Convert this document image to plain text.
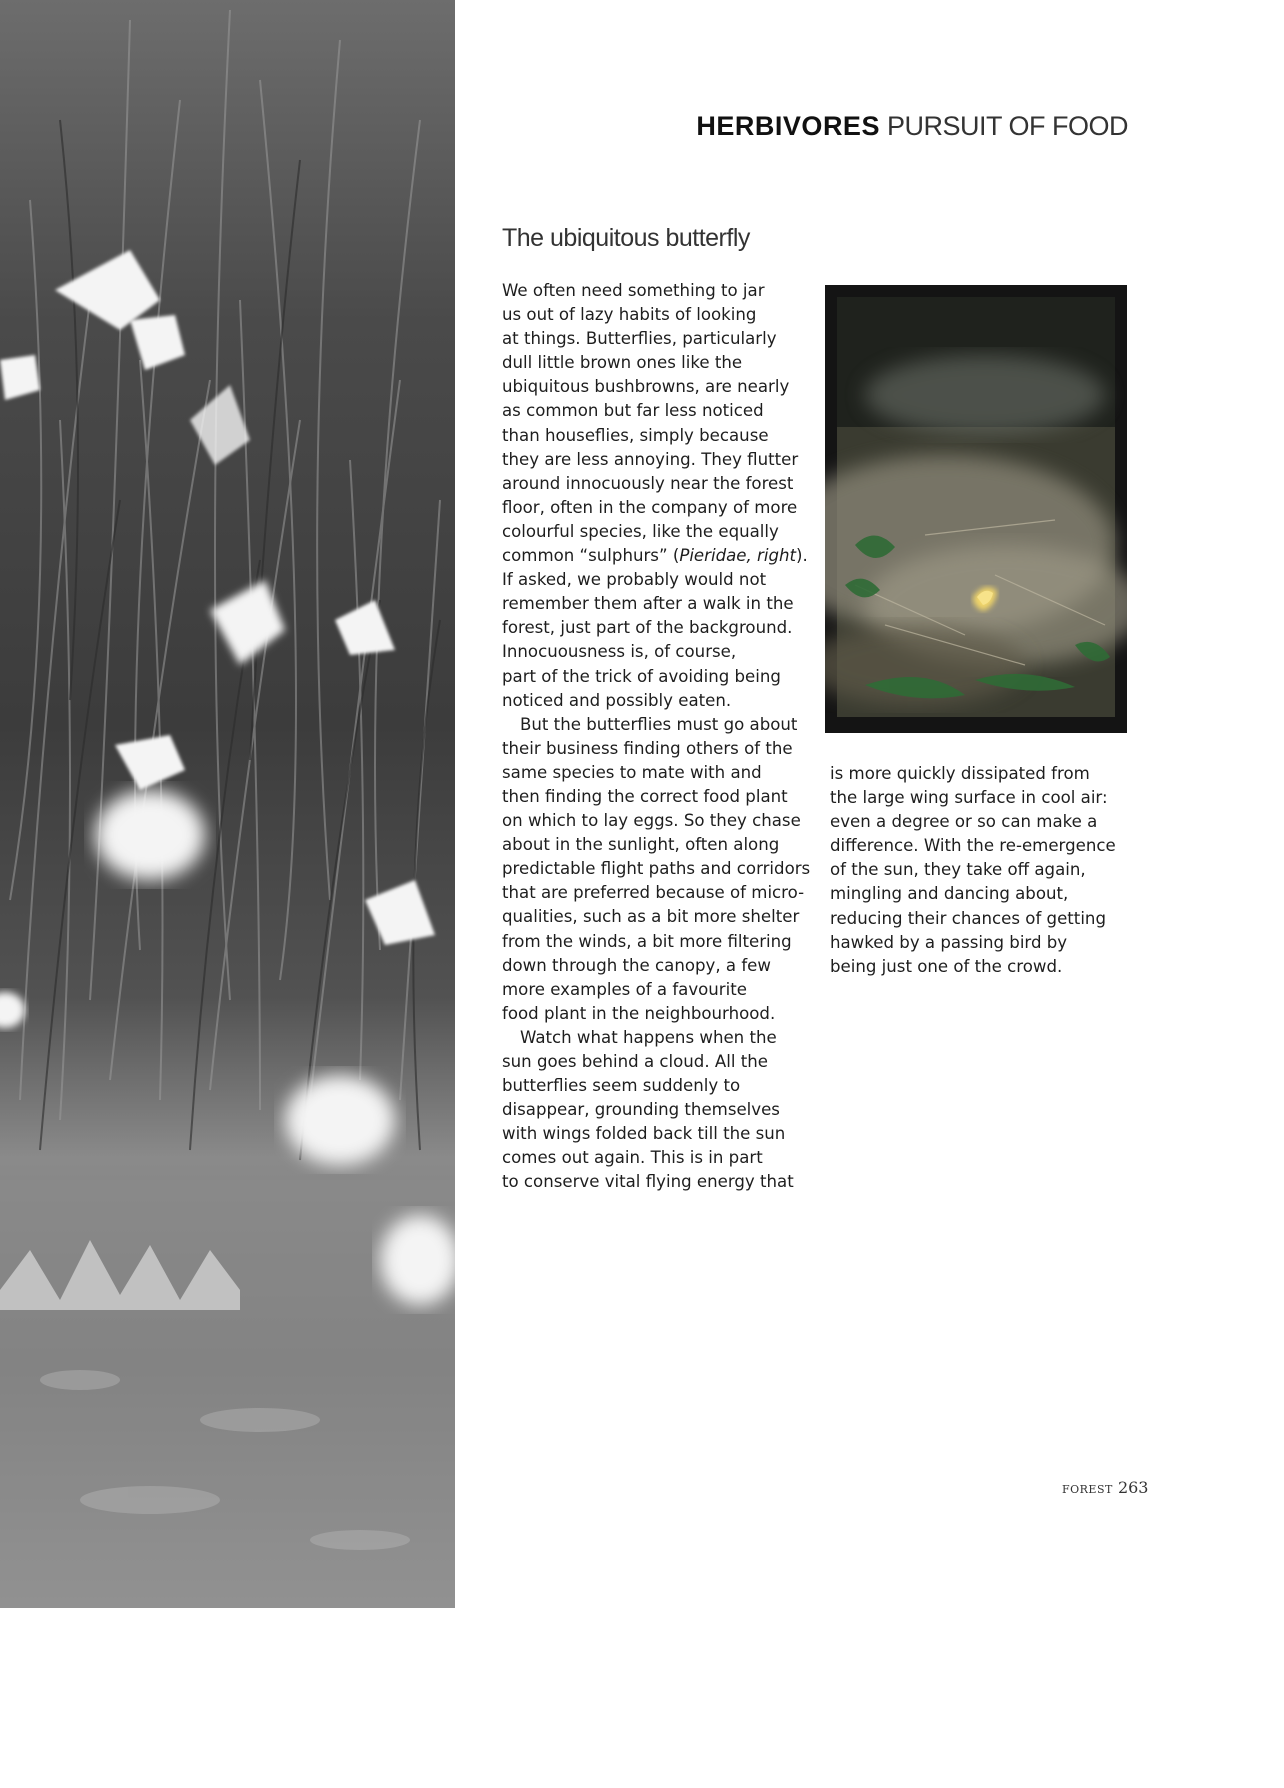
HERBIVORES PURSUIT OF FOOD
The ubiquitous butterfly
We often need something to jar
us out of lazy habits of looking
at things. Butterflies, particularly
dull little brown ones like the
ubiquitous bushbrowns, are nearly
as common but far less noticed
than houseflies, simply because
they are less annoying. They flutter
around innocuously near the forest
floor, often in the company of more
colourful species, like the equally
common “sulphurs” (Pieridae, right).
If asked, we probably would not
remember them after a walk in the
forest, just part of the background.
Innocuousness is, of course,
part of the trick of avoiding being
noticed and possibly eaten.
But the butterflies must go about
their business finding others of the
same species to mate with and
then finding the correct food plant
on which to lay eggs. So they chase
about in the sunlight, often along
predictable flight paths and corridors
that are preferred because of micro-
qualities, such as a bit more shelter
from the winds, a bit more filtering
down through the canopy, a few
more examples of a favourite
food plant in the neighbourhood.
Watch what happens when the
sun goes behind a cloud. All the
butterflies seem suddenly to
disappear, grounding themselves
with wings folded back till the sun
comes out again. This is in part
to conserve vital flying energy that
is more quickly dissipated from
the large wing surface in cool air:
even a degree or so can make a
difference. With the re-emergence
of the sun, they take off again,
mingling and dancing about,
reducing their chances of getting
hawked by a passing bird by
being just one of the crowd.
FOREST 263
